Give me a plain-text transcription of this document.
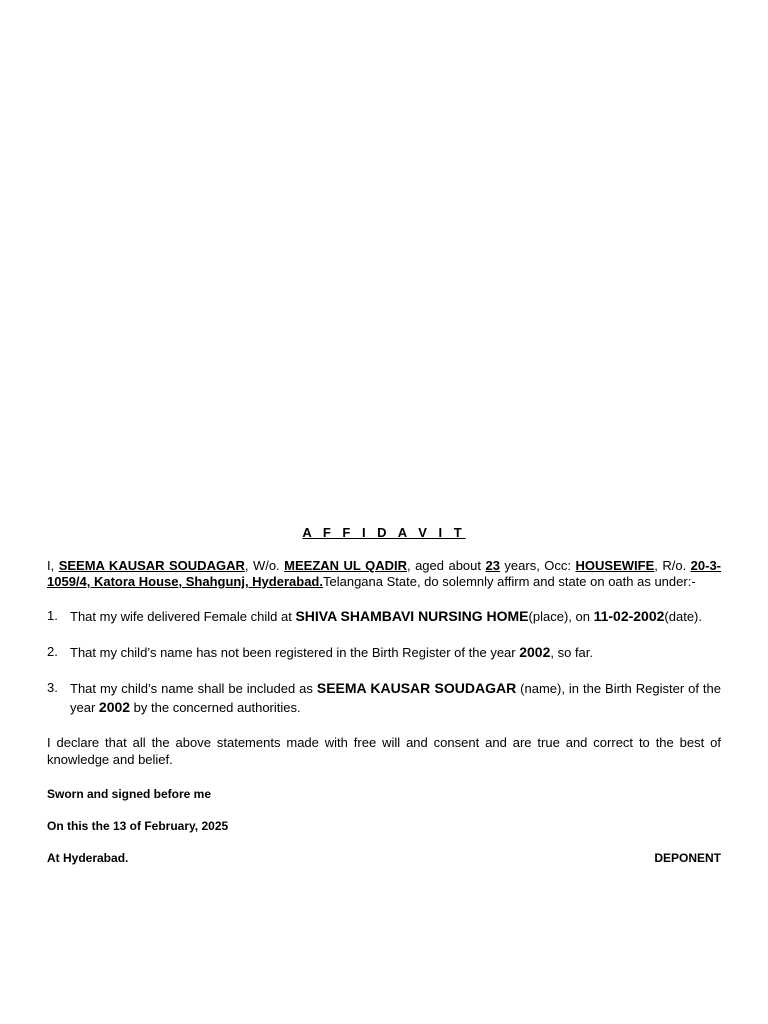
A F F I D A V I T

I, SEEMA KAUSAR SOUDAGAR, W/o. MEEZAN UL QADIR, aged about 23 years, Occ: HOUSEWIFE, R/o. 20-3-1059/4, Katora House, Shahgunj, Hyderabad.Telangana State, do solemnly affirm and state on oath as under:-

1. That my wife delivered Female child at SHIVA SHAMBAVI NURSING HOME(place), on 11-02-2002(date).
2. That my child’s name has not been registered in the Birth Register of the year 2002, so far.
3. That my child’s name shall be included as SEEMA KAUSAR SOUDAGAR (name), in the Birth Register of the year 2002 by the concerned authorities.

I declare that all the above statements made with free will and consent and are true and correct to the best of knowledge and belief.

Sworn and signed before me

On this the 13 of February, 2025

At Hyderabad.	DEPONENT
